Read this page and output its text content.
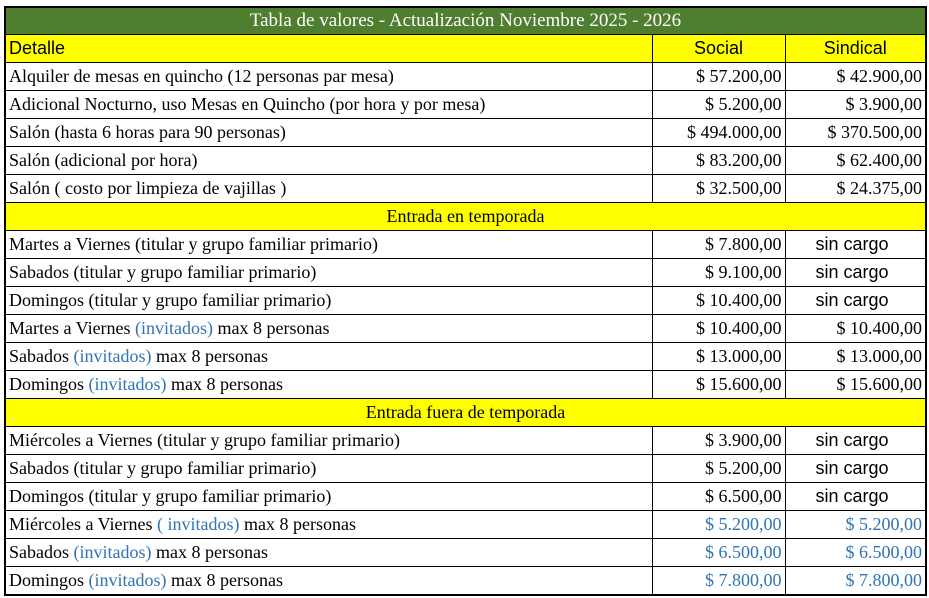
Tabla de valores - Actualización Noviembre 2025 - 2026		
Detalle	Social	Sindical
Alquiler de mesas en quincho (12 personas par mesa)	$ 57.200,00	$ 42.900,00
Adicional Nocturno, uso Mesas en Quincho (por hora y por mesa)	$ 5.200,00	$ 3.900,00
Salón (hasta 6 horas para 90 personas)	$ 494.000,00	$ 370.500,00
Salón (adicional por hora)	$ 83.200,00	$ 62.400,00
Salón ( costo por limpieza de vajillas )	$ 32.500,00	$ 24.375,00
Entrada en temporada		
Martes a Viernes (titular y grupo familiar primario)	$ 7.800,00	sin cargo
Sabados (titular y grupo familiar primario)	$ 9.100,00	sin cargo
Domingos (titular y grupo familiar primario)	$ 10.400,00	sin cargo
Martes a Viernes (invitados) max 8 personas	$ 10.400,00	$ 10.400,00
Sabados (invitados) max 8 personas	$ 13.000,00	$ 13.000,00
Domingos (invitados) max 8 personas	$ 15.600,00	$ 15.600,00
Entrada fuera de temporada		
Miércoles a Viernes (titular y grupo familiar primario)	$ 3.900,00	sin cargo
Sabados (titular y grupo familiar primario)	$ 5.200,00	sin cargo
Domingos (titular y grupo familiar primario)	$ 6.500,00	sin cargo
Miércoles a Viernes ( invitados) max 8 personas	$ 5.200,00	$ 5.200,00
Sabados (invitados) max 8 personas	$ 6.500,00	$ 6.500,00
Domingos (invitados) max 8 personas	$ 7.800,00	$ 7.800,00
